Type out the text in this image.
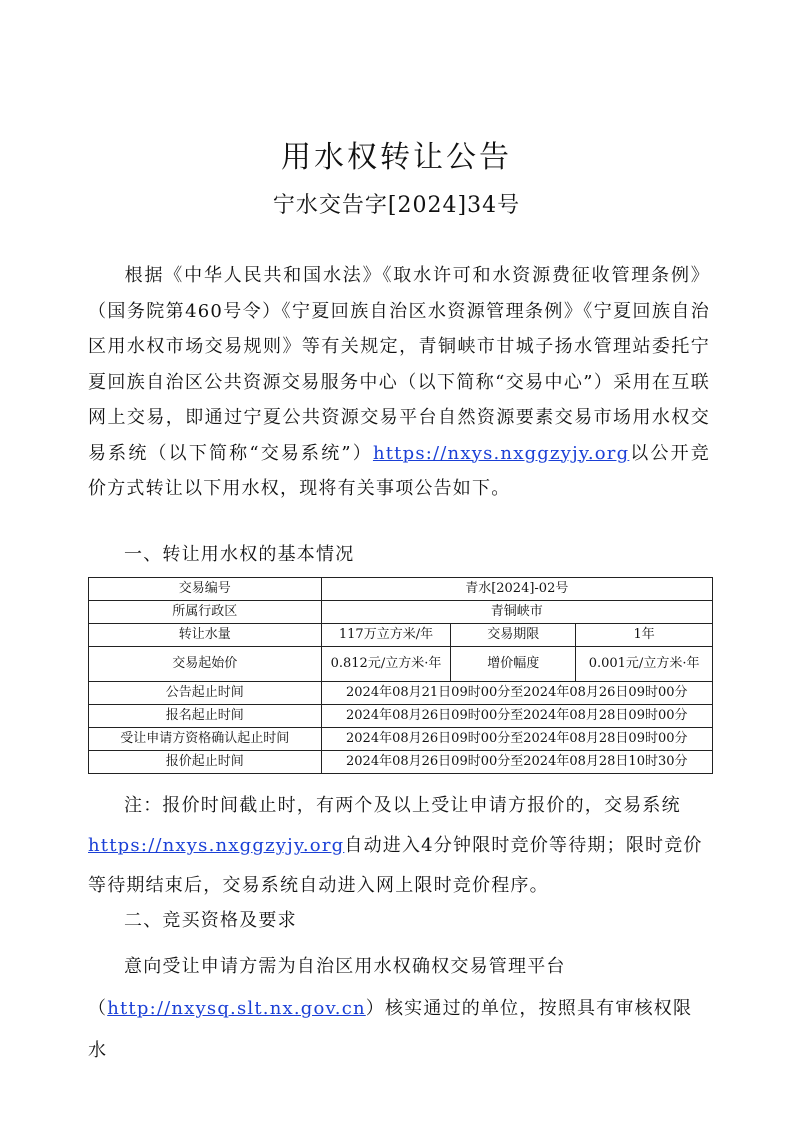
用水权转让公告
宁水交告字[2024]34号

根据《中华人民共和国水法》《取水许可和水资源费征收管理条例》（国务院第460号令）《宁夏回族自治区水资源管理条例》《宁夏回族自治区用水权市场交易规则》等有关规定，青铜峡市甘城子扬水管理站委托宁夏回族自治区公共资源交易服务中心（以下简称“交易中心”）采用在互联网上交易，即通过宁夏公共资源交易平台自然资源要素交易市场用水权交易系统（以下简称“交易系统”）https://nxys.nxggzyjy.org以公开竞价方式转让以下用水权，现将有关事项公告如下。

一、转让用水权的基本情况
交易编号	青水[2024]-02号		
所属行政区	青铜峡市		
转让水量	117万立方米/年	交易期限	1年
交易起始价	0.812元/立方米·年	增价幅度	0.001元/立方米·年
公告起止时间	2024年08月21日09时00分至2024年08月26日09时00分		
报名起止时间	2024年08月26日09时00分至2024年08月28日09时00分		
受让申请方资格确认起止时间	2024年08月26日09时00分至2024年08月28日09时00分		
报价起止时间	2024年08月26日09时00分至2024年08月28日10时30分		

注：报价时间截止时，有两个及以上受让申请方报价的，交易系统https://nxys.nxggzyjy.org自动进入4分钟限时竞价等待期；限时竞价等待期结束后，交易系统自动进入网上限时竞价程序。

二、竞买资格及要求

意向受让申请方需为自治区用水权确权交易管理平台（http://nxysq.slt.nx.gov.cn）核实通过的单位，按照具有审核权限水
